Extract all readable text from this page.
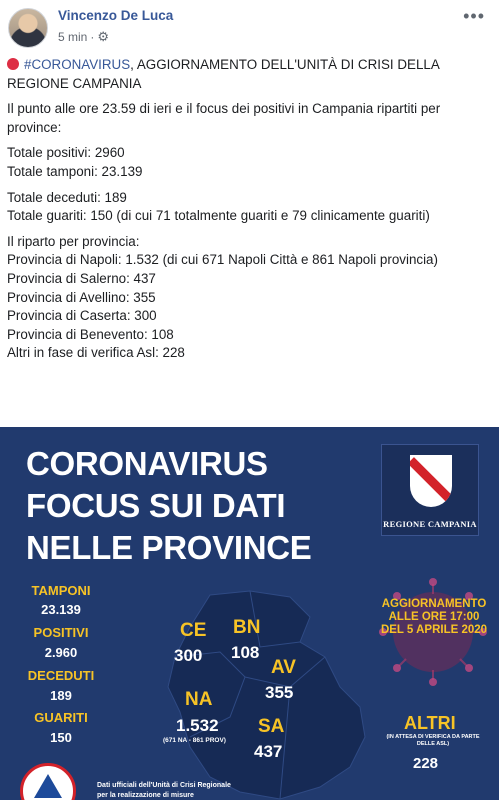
Vincenzo De Luca
5 min · ⚙
•••

#CORONAVIRUS, AGGIORNAMENTO DELL'UNITÀ DI CRISI DELLA REGIONE CAMPANIA

Il punto alle ore 23.59 di ieri e il focus dei positivi in Campania ripartiti per province:

Totale positivi: 2960
Totale tamponi: 23.139

Totale deceduti: 189
Totale guariti: 150 (di cui 71 totalmente guariti e 79 clinicamente guariti)

Il riparto per provincia:
Provincia di Napoli: 1.532 (di cui 671 Napoli Città e 861 Napoli provincia)
Provincia di Salerno: 437
Provincia di Avellino: 355
Provincia di Caserta: 300
Provincia di Benevento: 108
Altri in fase di verifica Asl: 228

CORONAVIRUS
FOCUS SUI DATI
NELLE PROVINCE
REGIONE CAMPANIA
TAMPONI
23.139
POSITIVI
2.960
DECEDUTI
189
GUARITI
150
CE
300
BN
108
AV
355
NA
1.532
(671 NA - 861 PROV)
SA
437
AGGIORNAMENTO
ALLE ORE 17:00
DEL 5 APRILE 2020
ALTRI
(IN ATTESA DI VERIFICA DA PARTE DELLE ASL)
228
Dati ufficiali dell'Unità di Crisi Regionale
per la realizzazione di misure
